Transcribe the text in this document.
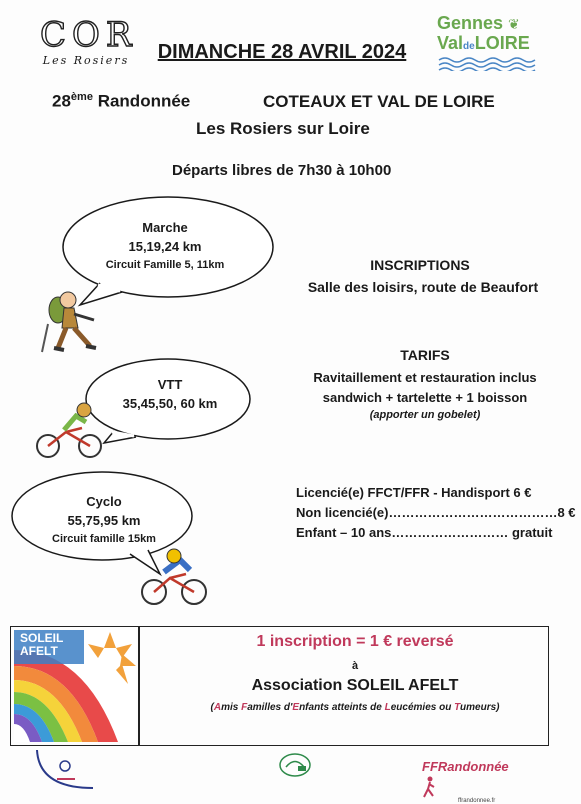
COR
Les Rosiers	DIMANCHE 28 AVRIL 2024
Gennes ❦
ValdeLOIRE
28ème Randonnée	COTEAUX ET VAL DE LOIRE
Les Rosiers sur Loire
Départs libres de 7h30 à 10h00
Marche
15,19,24 km
Circuit Famille 5, 11km
VTT
35,45,50, 60 km
Cyclo
55,75,95 km
Circuit famille 15km
INSCRIPTIONS
Salle des loisirs, route de Beaufort
TARIFS
Ravitaillement et restauration inclus
sandwich + tartelette + 1 boisson
(apporter un gobelet)
Licencié(e) FFCT/FFR - Handisport 6 €
Non licencié(e)…………………………………8 €
Enfant – 10 ans……………………… gratuit
SOLEIL
AFELT
1 inscription = 1 € reversé
à
Association SOLEIL AFELT
(Amis Familles d'Enfants atteints de Leucémies ou Tumeurs)
FFRandonnée
ffrandonnee.fr
